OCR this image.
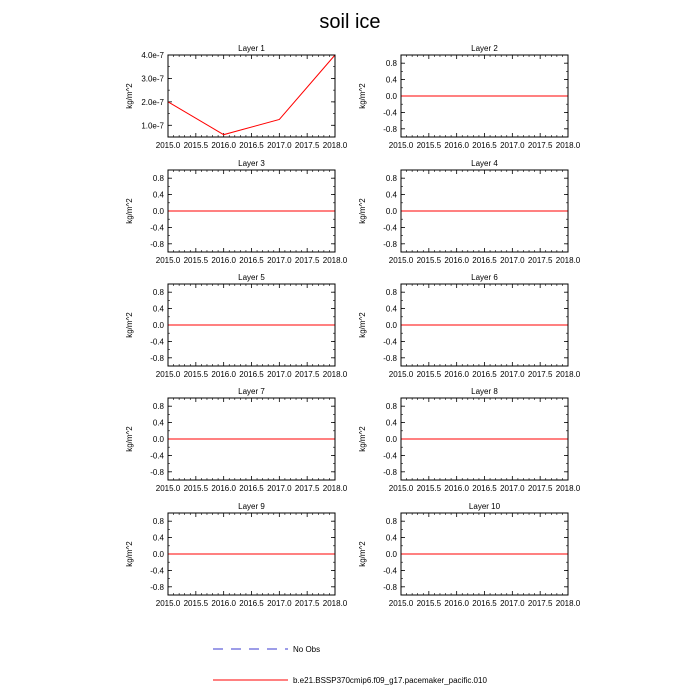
soil ice
Layer 1
kg/m^2
2015.0 2015.5 2016.0 2016.5 2017.0 2017.5 2018.0
1.0e-7
2.0e-7
3.0e-7
4.0e-7
Layer 2
kg/m^2
2015.0 2015.5 2016.0 2016.5 2017.0 2017.5 2018.0
-0.8
-0.4
0.0
0.4
0.8
Layer 3
kg/m^2
2015.0 2015.5 2016.0 2016.5 2017.0 2017.5 2018.0
-0.8
-0.4
0.0
0.4
0.8
Layer 4
kg/m^2
2015.0 2015.5 2016.0 2016.5 2017.0 2017.5 2018.0
-0.8
-0.4
0.0
0.4
0.8
Layer 5
kg/m^2
2015.0 2015.5 2016.0 2016.5 2017.0 2017.5 2018.0
-0.8
-0.4
0.0
0.4
0.8
Layer 6
kg/m^2
2015.0 2015.5 2016.0 2016.5 2017.0 2017.5 2018.0
-0.8
-0.4
0.0
0.4
0.8
Layer 7
kg/m^2
2015.0 2015.5 2016.0 2016.5 2017.0 2017.5 2018.0
-0.8
-0.4
0.0
0.4
0.8
Layer 8
kg/m^2
2015.0 2015.5 2016.0 2016.5 2017.0 2017.5 2018.0
-0.8
-0.4
0.0
0.4
0.8
Layer 9
kg/m^2
2015.0 2015.5 2016.0 2016.5 2017.0 2017.5 2018.0
-0.8
-0.4
0.0
0.4
0.8
Layer 10
kg/m^2
2015.0 2015.5 2016.0 2016.5 2017.0 2017.5 2018.0
-0.8
-0.4
0.0
0.4
0.8
No Obs
b.e21.BSSP370cmip6.f09_g17.pacemaker_pacific.010
